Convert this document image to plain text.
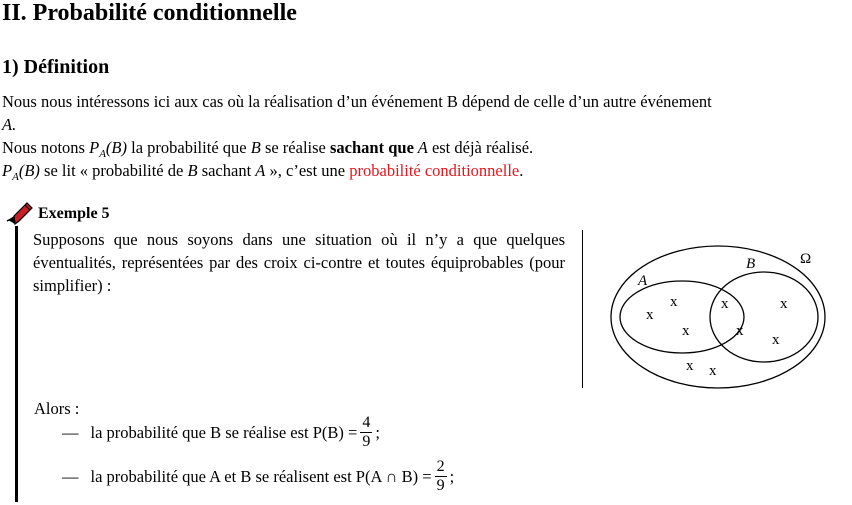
II. Probabilité conditionnelle
1) Définition
Nous nous intéressons ici aux cas où la réalisation d’un événement B dépend de celle d’un autre événement
A.
Nous notons $P_A(B)$ la probabilité que B se réalise sachant que A est déjà réalisé.
$P_A(B)$ se lit « probabilité de B sachant A », c’est une probabilité conditionnelle.
Exemple 5
Supposons que nous soyons dans une situation où il n’y a que quelques éventualités, représentées par des croix ci-contre et toutes équiprobables (pour simplifier) :
Ω
A
B
x
x
x
x
x
x
x
x x
Alors :
— la probabilité que B se réalise est $P(B) = \frac{4}{9}$ ;
— la probabilité que A et B se réalisent est P(A ∩ $B) = \frac{2}{9}$ ;
